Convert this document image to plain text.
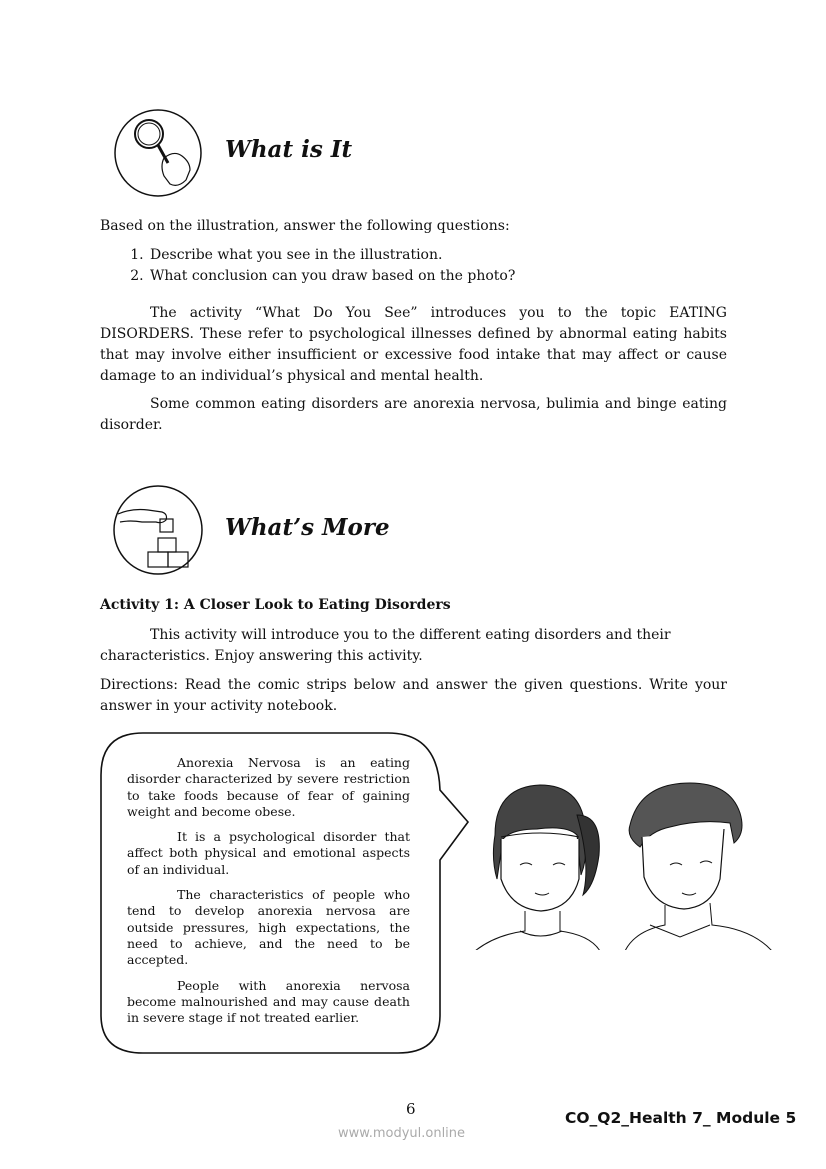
What is It
Based on the illustration, answer the following questions:
1. Describe what you see in the illustration.
2. What conclusion can you draw based on the photo?
The activity “What Do You See” introduces you to the topic EATING DISORDERS. These refer to psychological illnesses defined by abnormal eating habits that may involve either insufficient or excessive food intake that may affect or cause damage to an individual’s physical and mental health.
Some common eating disorders are anorexia nervosa, bulimia and binge eating disorder.
What’s More
Activity 1: A Closer Look to Eating Disorders
This activity will introduce you to the different eating disorders and their characteristics. Enjoy answering this activity.
Directions: Read the comic strips below and answer the given questions. Write your answer in your activity notebook.

Anorexia Nervosa is an eating disorder characterized by severe restriction to take foods because of fear of gaining weight and become obese.

It is a psychological disorder that affect both physical and emotional aspects of an individual.

The characteristics of people who tend to develop anorexia nervosa are outside pressures, high expectations, the need to achieve, and the need to be accepted.

People with anorexia nervosa become malnourished and may cause death in severe stage if not treated earlier.

6	CO_Q2_Health 7_ Module 5
www.modyul.online
